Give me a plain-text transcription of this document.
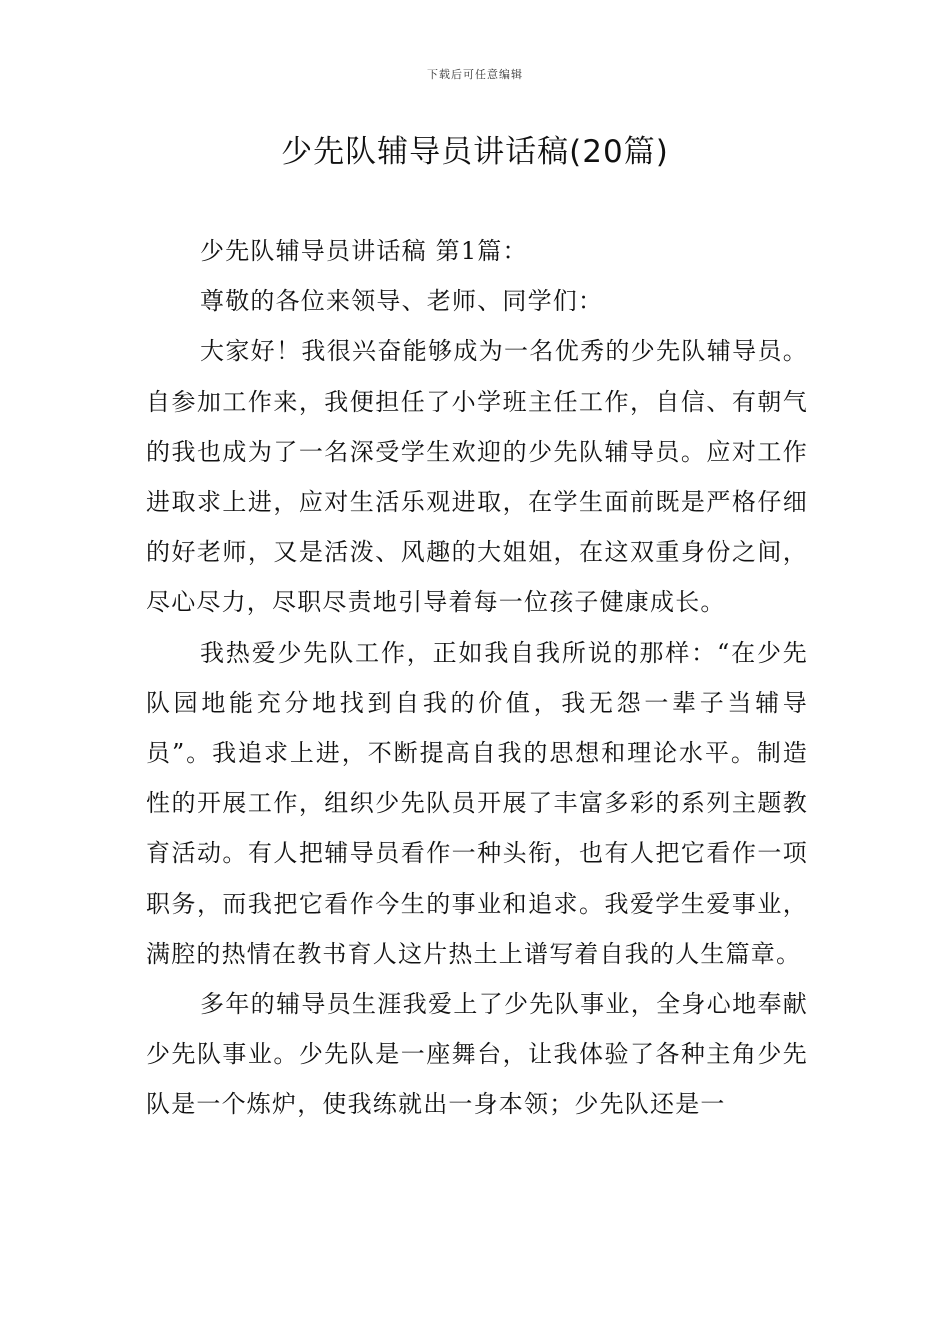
下载后可任意编辑
少先队辅导员讲话稿(20篇)

少先队辅导员讲话稿 第1篇：

尊敬的各位来领导、老师、同学们：

大家好！我很兴奋能够成为一名优秀的少先队辅导员。自参加工作来，我便担任了小学班主任工作，自信、有朝气的我也成为了一名深受学生欢迎的少先队辅导员。应对工作进取求上进，应对生活乐观进取，在学生面前既是严格仔细的好老师，又是活泼、风趣的大姐姐，在这双重身份之间，尽心尽力，尽职尽责地引导着每一位孩子健康成长。

我热爱少先队工作，正如我自我所说的那样：“在少先队园地能充分地找到自我的价值，我无怨一辈子当辅导员”。我追求上进，不断提高自我的思想和理论水平。制造性的开展工作，组织少先队员开展了丰富多彩的系列主题教育活动。有人把辅导员看作一种头衔，也有人把它看作一项职务，而我把它看作今生的事业和追求。我爱学生爱事业，满腔的热情在教书育人这片热土上谱写着自我的人生篇章。

多年的辅导员生涯我爱上了少先队事业，全身心地奉献少先队事业。少先队是一座舞台，让我体验了各种主角少先队是一个炼炉，使我练就出一身本领；少先队还是一
